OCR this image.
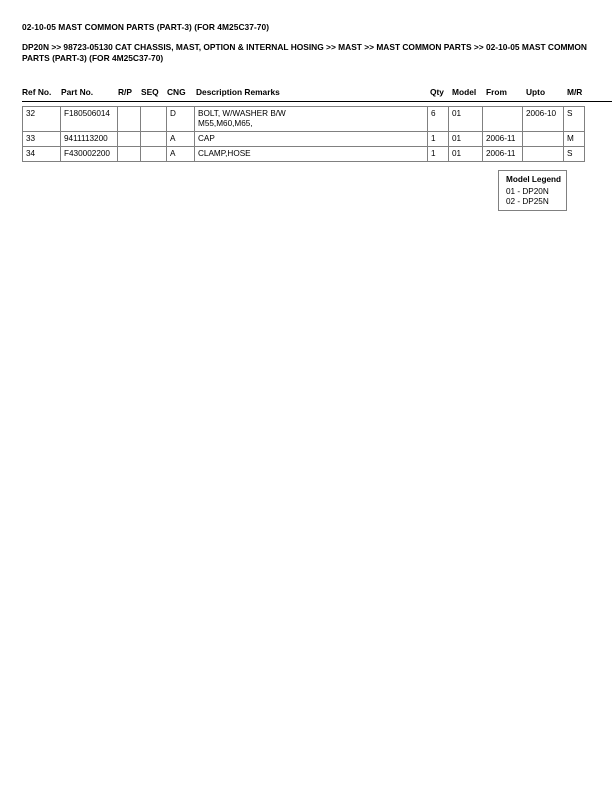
02-10-05 MAST COMMON PARTS (PART-3) (FOR 4M25C37-70)
DP20N >> 98723-05130 CAT CHASSIS, MAST, OPTION & INTERNAL HOSING >> MAST >> MAST COMMON PARTS >> 02-10-05 MAST COMMON PARTS (PART-3) (FOR 4M25C37-70)
Ref No. Part No.	R/P SEQ CNG Description Remarks	Qty Model From Upto	M/R
32	F180506014			D	BOLT, W/WASHER B/W
M55,M60,M65,	6	01		2006-10	S
33	9411113200			A	CAP	1	01	2006-11		M
34	F430002200			A	CLAMP,HOSE	1	01	2006-11		S
Model Legend
01 - DP20N
02 - DP25N
